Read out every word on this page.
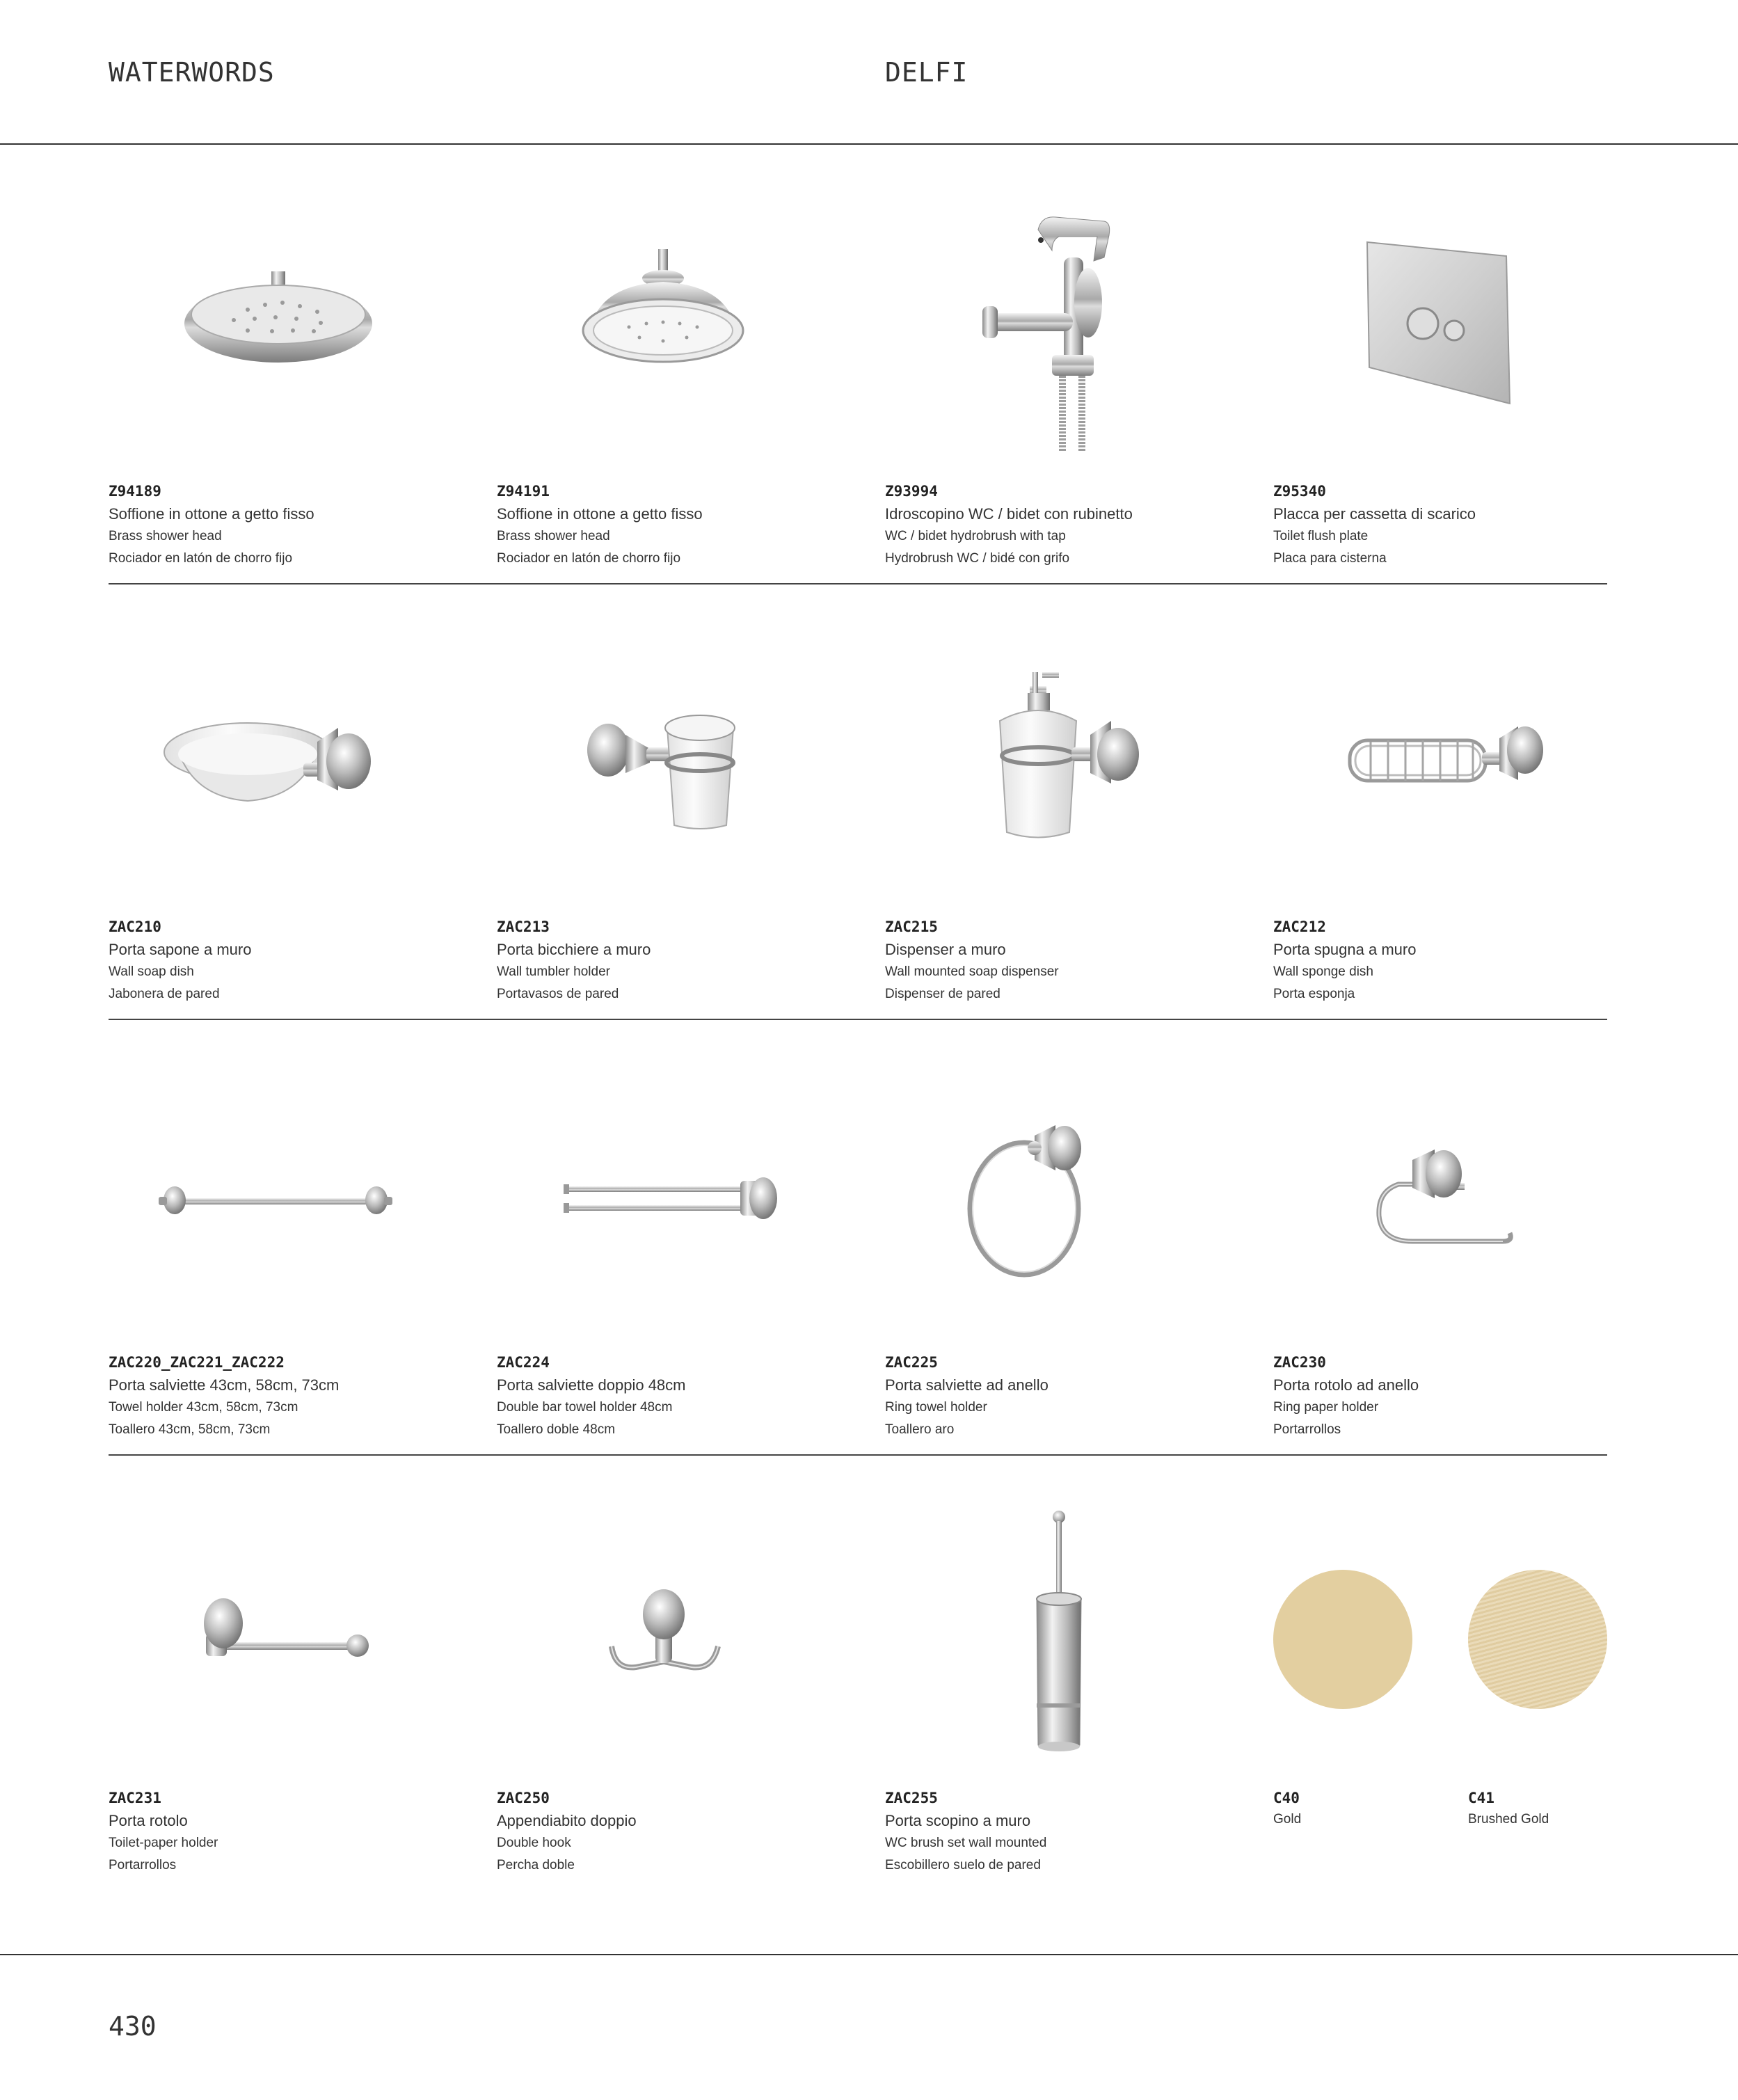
WATERWORDS	DELFI
Z94189
Soffione in ottone a getto fisso
Brass shower head
Rociador en latón de chorro fijo
Z94191
Soffione in ottone a getto fisso
Brass shower head
Rociador en latón de chorro fijo
Z93994
Idroscopino WC / bidet con rubinetto
WC / bidet hydrobrush with tap
Hydrobrush WC / bidé con grifo
Z95340
Placca per cassetta di scarico
Toilet flush plate
Placa para cisterna
ZAC210
Porta sapone a muro
Wall soap dish
Jabonera de pared
ZAC213
Porta bicchiere a muro
Wall tumbler holder
Portavasos de pared
ZAC215
Dispenser a muro
Wall mounted soap dispenser
Dispenser de pared
ZAC212
Porta spugna a muro
Wall sponge dish
Porta esponja
ZAC220_ZAC221_ZAC222
Porta salviette 43cm, 58cm, 73cm
Towel holder 43cm, 58cm, 73cm
Toallero 43cm, 58cm, 73cm
ZAC224
Porta salviette doppio 48cm
Double bar towel holder 48cm
Toallero doble 48cm
ZAC225
Porta salviette ad anello
Ring towel holder
Toallero aro
ZAC230
Porta rotolo ad anello
Ring paper holder
Portarrollos
ZAC231
Porta rotolo
Toilet-paper holder
Portarrollos
ZAC250
Appendiabito doppio
Double hook
Percha doble
ZAC255
Porta scopino a muro
WC brush set wall mounted
Escobillero suelo de pared
C40
Gold
C41
Brushed Gold
430
